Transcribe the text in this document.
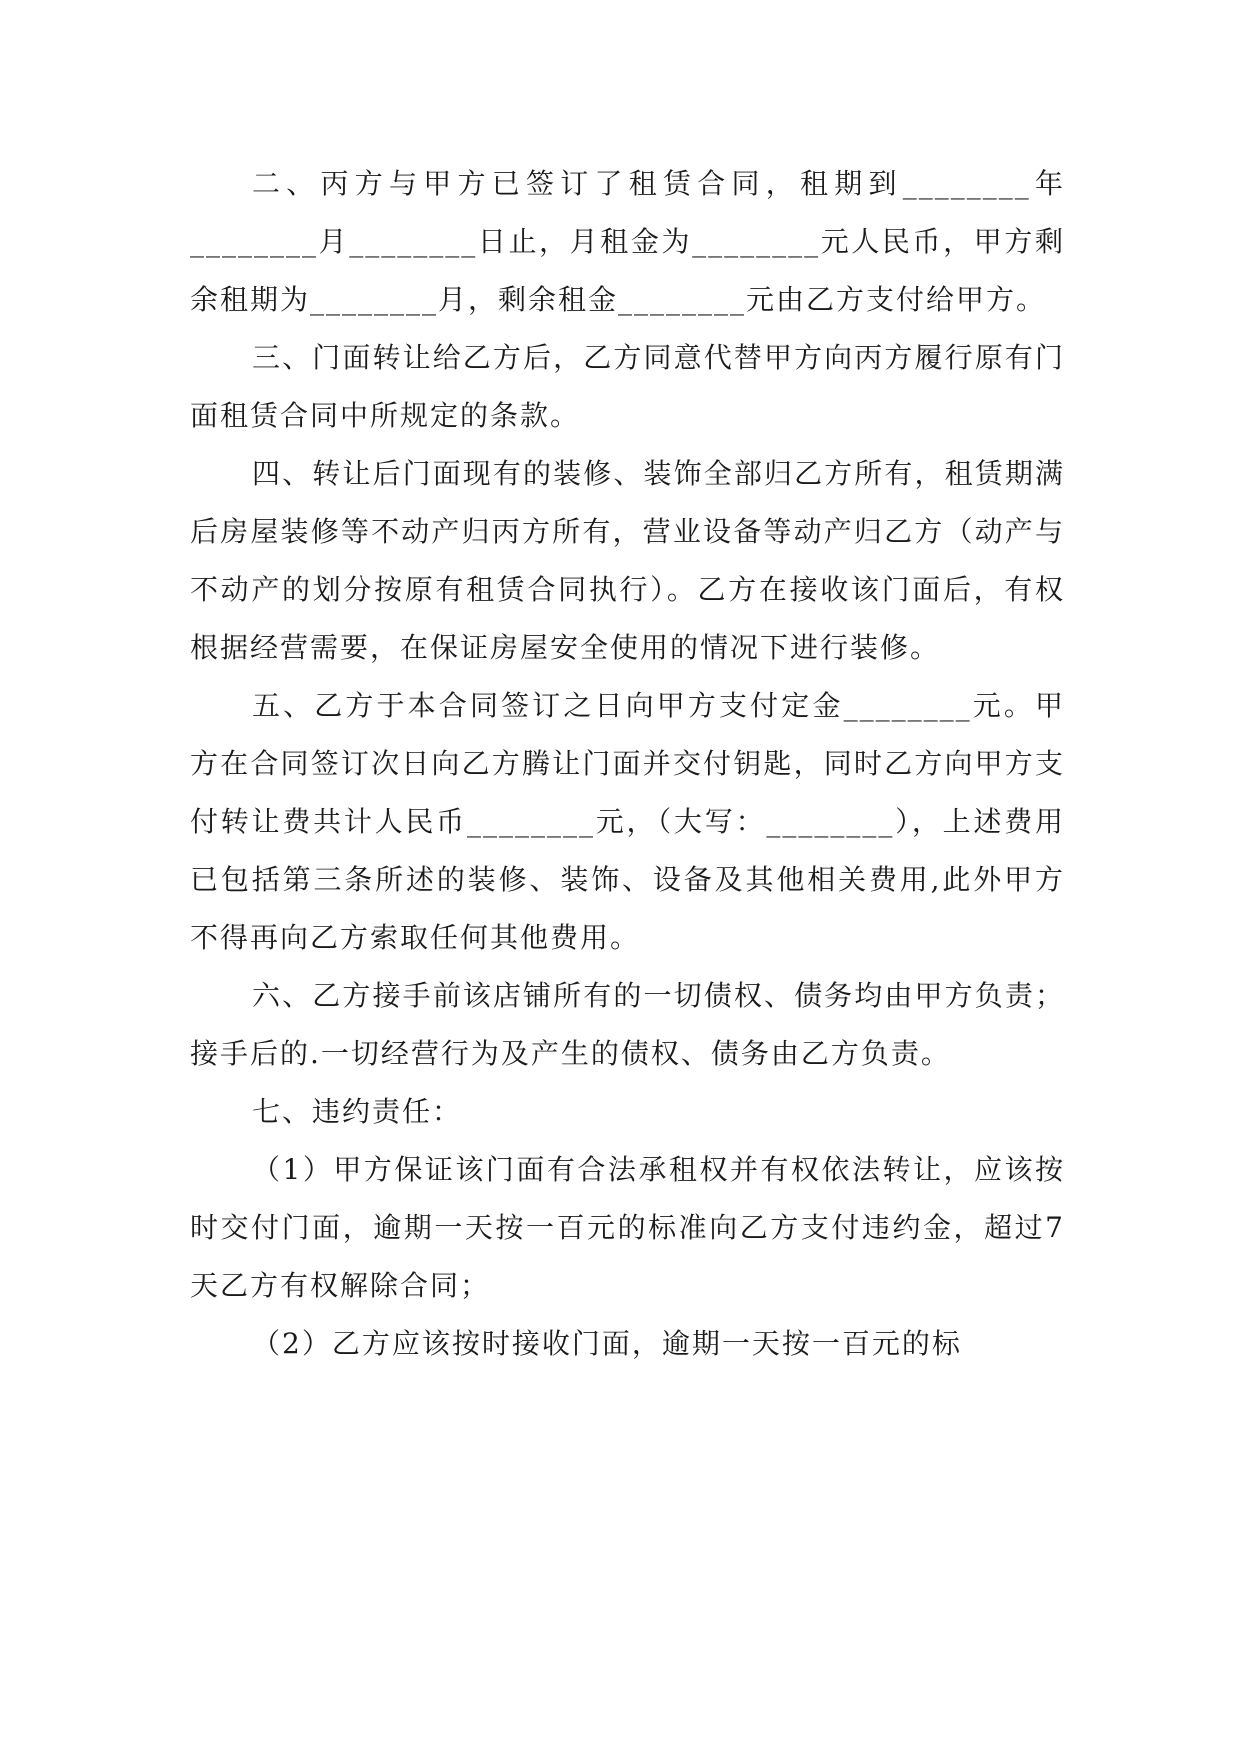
二、丙方与甲方已签订了租赁合同，租期到________年________月________日止，月租金为________元人民币，甲方剩余租期为________月，剩余租金________元由乙方支付给甲方。

三、门面转让给乙方后，乙方同意代替甲方向丙方履行原有门面租赁合同中所规定的条款。

四、转让后门面现有的装修、装饰全部归乙方所有，租赁期满后房屋装修等不动产归丙方所有，营业设备等动产归乙方（动产与不动产的划分按原有租赁合同执行）。乙方在接收该门面后，有权根据经营需要，在保证房屋安全使用的情况下进行装修。

五、乙方于本合同签订之日向甲方支付定金________元。甲方在合同签订次日向乙方腾让门面并交付钥匙，同时乙方向甲方支付转让费共计人民币________元，（大写：________），上述费用已包括第三条所述的装修、装饰、设备及其他相关费用,此外甲方不得再向乙方索取任何其他费用。

六、乙方接手前该店铺所有的一切债权、债务均由甲方负责；接手后的.一切经营行为及产生的债权、债务由乙方负责。

七、违约责任：

（1）甲方保证该门面有合法承租权并有权依法转让，应该按时交付门面，逾期一天按一百元的标准向乙方支付违约金，超过7天乙方有权解除合同；

（2）乙方应该按时接收门面，逾期一天按一百元的标
